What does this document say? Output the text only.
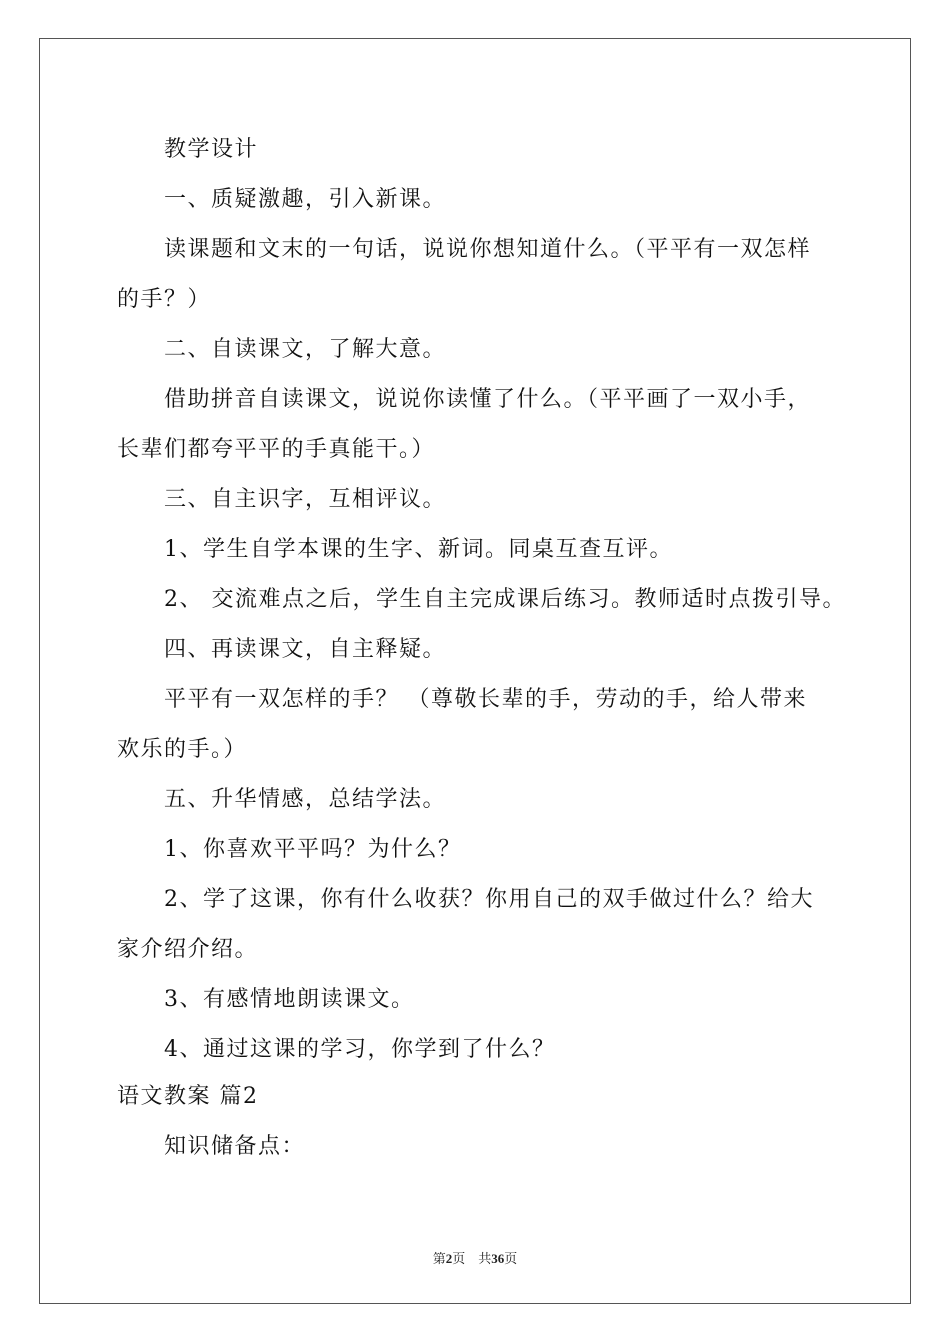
教学设计
一、质疑激趣，引入新课。
读课题和文末的一句话，说说你想知道什么。（平平有一双怎样
的手？）
二、自读课文，了解大意。
借助拼音自读课文，说说你读懂了什么。（平平画了一双小手，
长辈们都夸平平的手真能干。）
三、自主识字，互相评议。
1、学生自学本课的生字、新词。同桌互查互评。
2、 交流难点之后，学生自主完成课后练习。教师适时点拨引导。
四、再读课文，自主释疑。
平平有一双怎样的手？ （尊敬长辈的手，劳动的手，给人带来
欢乐的手。）
五、升华情感，总结学法。
1、你喜欢平平吗？为什么？
2、学了这课，你有什么收获？你用自己的双手做过什么？给大
家介绍介绍。
3、有感情地朗读课文。
4、通过这课的学习，你学到了什么？
语文教案 篇2
知识储备点：
第2页 共36页
